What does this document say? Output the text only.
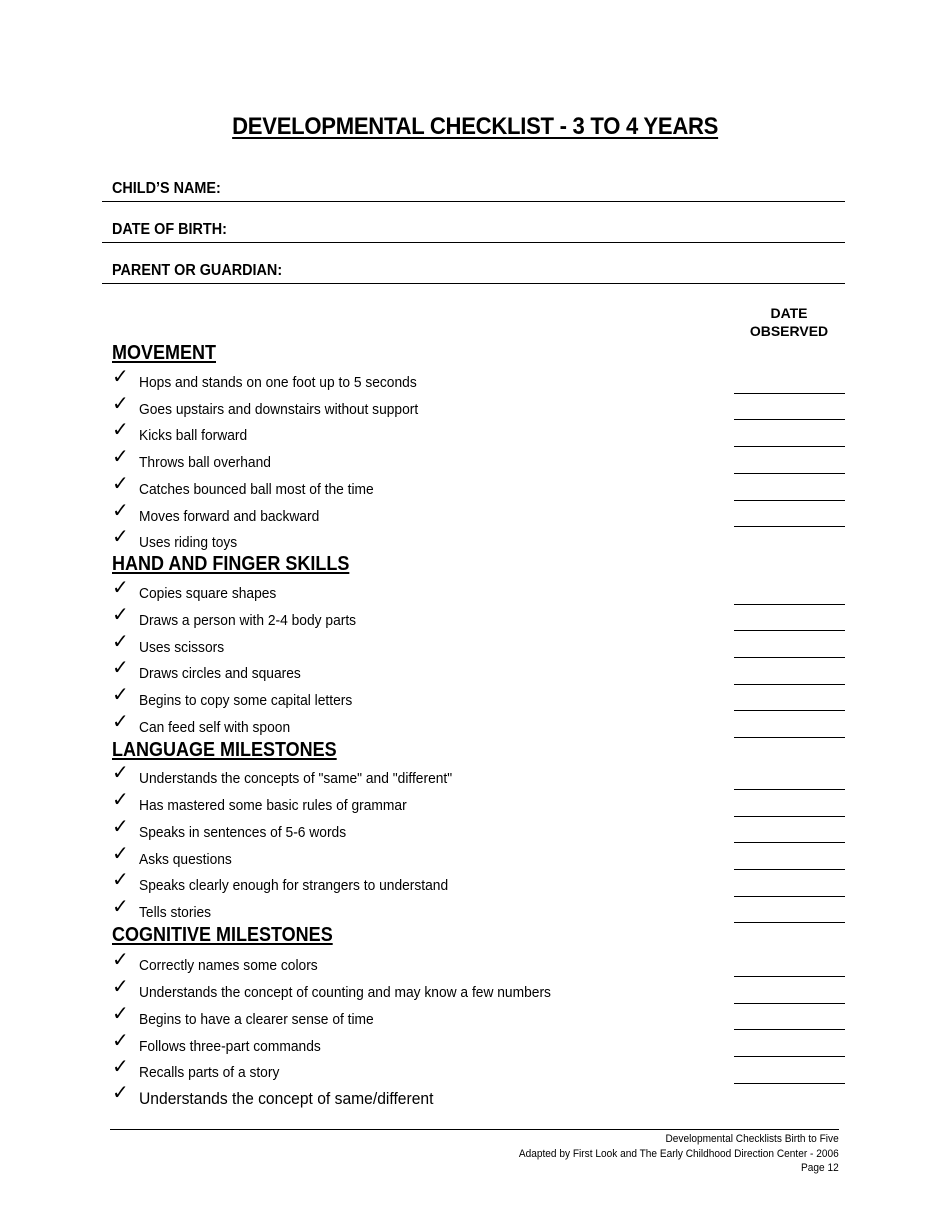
DEVELOPMENTAL CHECKLIST - 3 TO 4 YEARS
CHILD’S NAME:
DATE OF BIRTH:
PARENT OR GUARDIAN:
DATE
OBSERVED
MOVEMENT
✓ Hops and stands on one foot up to 5 seconds
✓ Goes upstairs and downstairs without support
✓ Kicks ball forward
✓ Throws ball overhand
✓ Catches bounced ball most of the time
✓ Moves forward and backward
✓ Uses riding toys
HAND AND FINGER SKILLS
✓ Copies square shapes
✓ Draws a person with 2-4 body parts
✓ Uses scissors
✓ Draws circles and squares
✓ Begins to copy some capital letters
✓ Can feed self with spoon
LANGUAGE MILESTONES
✓ Understands the concepts of "same" and "different"
✓ Has mastered some basic rules of grammar
✓ Speaks in sentences of 5-6 words
✓ Asks questions
✓ Speaks clearly enough for strangers to understand
✓ Tells stories
COGNITIVE MILESTONES
✓ Correctly names some colors
✓ Understands the concept of counting and may know a few numbers
✓ Begins to have a clearer sense of time
✓ Follows three-part commands
✓ Recalls parts of a story
✓ Understands the concept of same/different
Developmental Checklists Birth to Five
Adapted by First Look and The Early Childhood Direction Center - 2006
Page 12
